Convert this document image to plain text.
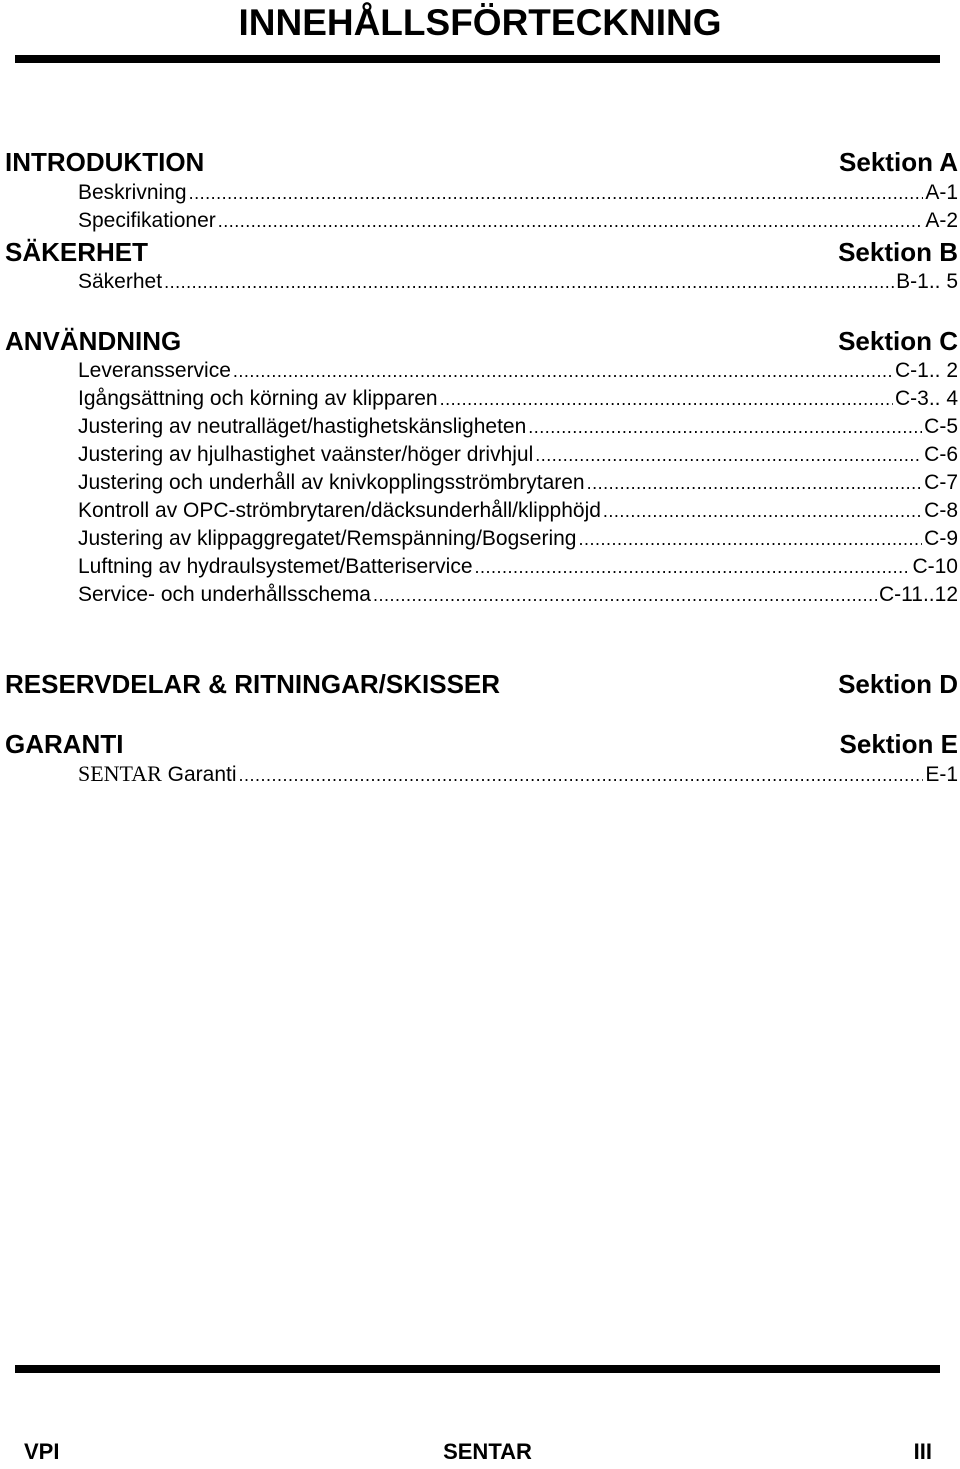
INNEHÅLLSFÖRTECKNING
INTRODUKTION	Sektion A
Beskrivning .....	A-1
Specifikationer .....	A-2
SÄKERHET	Sektion B
Säkerhet .....	B-1 .. 5
ANVÄNDNING	Sektion C
Leveransservice .....	C-1 .. 2
Igångsättning och körning av klipparen .....	C-3 .. 4
Justering av neutralläget/hastighetskänsligheten .....	C-5
Justering av hjulhastighet vaänster/höger drivhjul .....	C-6
Justering och underhåll av knivkopplingsströmbrytaren .....	C-7
Kontroll av OPC-strömbrytaren/däcksunderhåll/klipphöjd .....	C-8
Justering av klippaggregatet/Remspänning/Bogsering .....	C-9
Luftning av hydraulsystemet/Batteriservice .....	C-10
Service- och underhållsschema .....	C-11 ..12
RESERVDELAR & RITNINGAR/SKISSER	Sektion D
GARANTI	Sektion E
SENTAR Garanti .....	E-1
VPI	SENTAR	III
